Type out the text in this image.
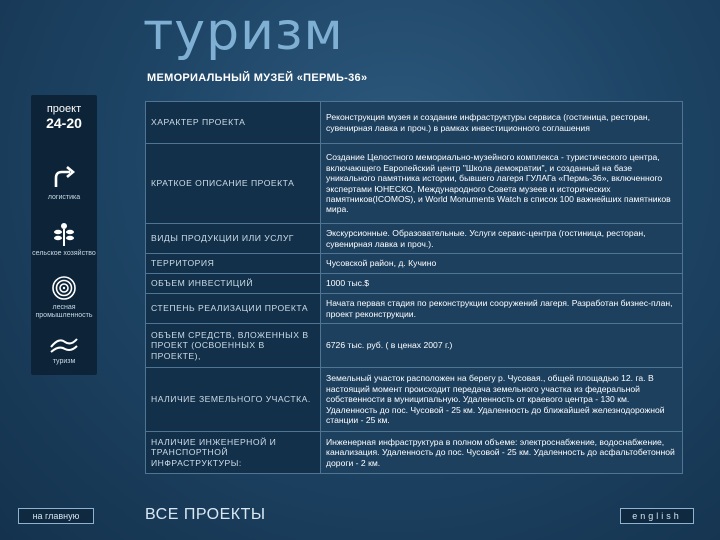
туризм
МЕМОРИАЛЬНЫЙ МУЗЕЙ «ПЕРМЬ-36»
проект
24-20
логистика
сельское хозяйство
лесная промышленность
туризм
ХАРАКТЕР ПРОЕКТА	Реконструкция музея и создание инфраструктуры сервиса (гостиница, ресторан, сувенирная лавка и проч.) в рамках инвестиционного соглашения
КРАТКОЕ ОПИСАНИЕ ПРОЕКТА	Создание Целостного мемориально-музейного комплекса - туристического центра, включающего Европейский центр "Школа демократии", и созданный на базе уникального памятника истории, бывшего лагеря ГУЛАГа «Пермь-36», включенного экспертами ЮНЕСКО, Международного Совета музеев и исторических памятников(ICOMOS), и World Monuments Watch в список 100 важнейших памятников мира.
ВИДЫ ПРОДУКЦИИ ИЛИ УСЛУГ	Экскурсионные. Образовательные. Услуги сервис-центра (гостиница, ресторан, сувенирная лавка и проч.).
ТЕРРИТОРИЯ	Чусовской район, д. Кучино
ОБЪЕМ ИНВЕСТИЦИЙ	1000 тыс.$
СТЕПЕНЬ РЕАЛИЗАЦИИ ПРОЕКТА	Начата первая стадия по реконструкции сооружений лагеря. Разработан бизнес-план, проект реконструкции.
ОБЪЕМ СРЕДСТВ, ВЛОЖЕННЫХ В ПРОЕКТ (ОСВОЕННЫХ В ПРОЕКТЕ),	6726 тыс. руб. ( в ценах 2007 г.)
НАЛИЧИЕ ЗЕМЕЛЬНОГО УЧАСТКА.	Земельный участок расположен на берегу р. Чусовая., общей площадью 12. га. В настоящий момент происходит передача земельного участка из федеральной собственности в муниципальную. Удаленность от краевого центра - 130 км. Удаленность до пос. Чусовой - 25 км. Удаленность до ближайшей железнодорожной станции - 25 км.
НАЛИЧИЕ ИНЖЕНЕРНОЙ И ТРАНСПОРТНОЙ ИНФРАСТРУКТУРЫ:	Инженерная инфраструктура в полном объеме: электроснабжение, водоснабжение, канализация. Удаленность до пос. Чусовой - 25 км. Удаленность до асфальтобетонной дороги - 2 км.
на главную	ВСЕ ПРОЕКТЫ	english
